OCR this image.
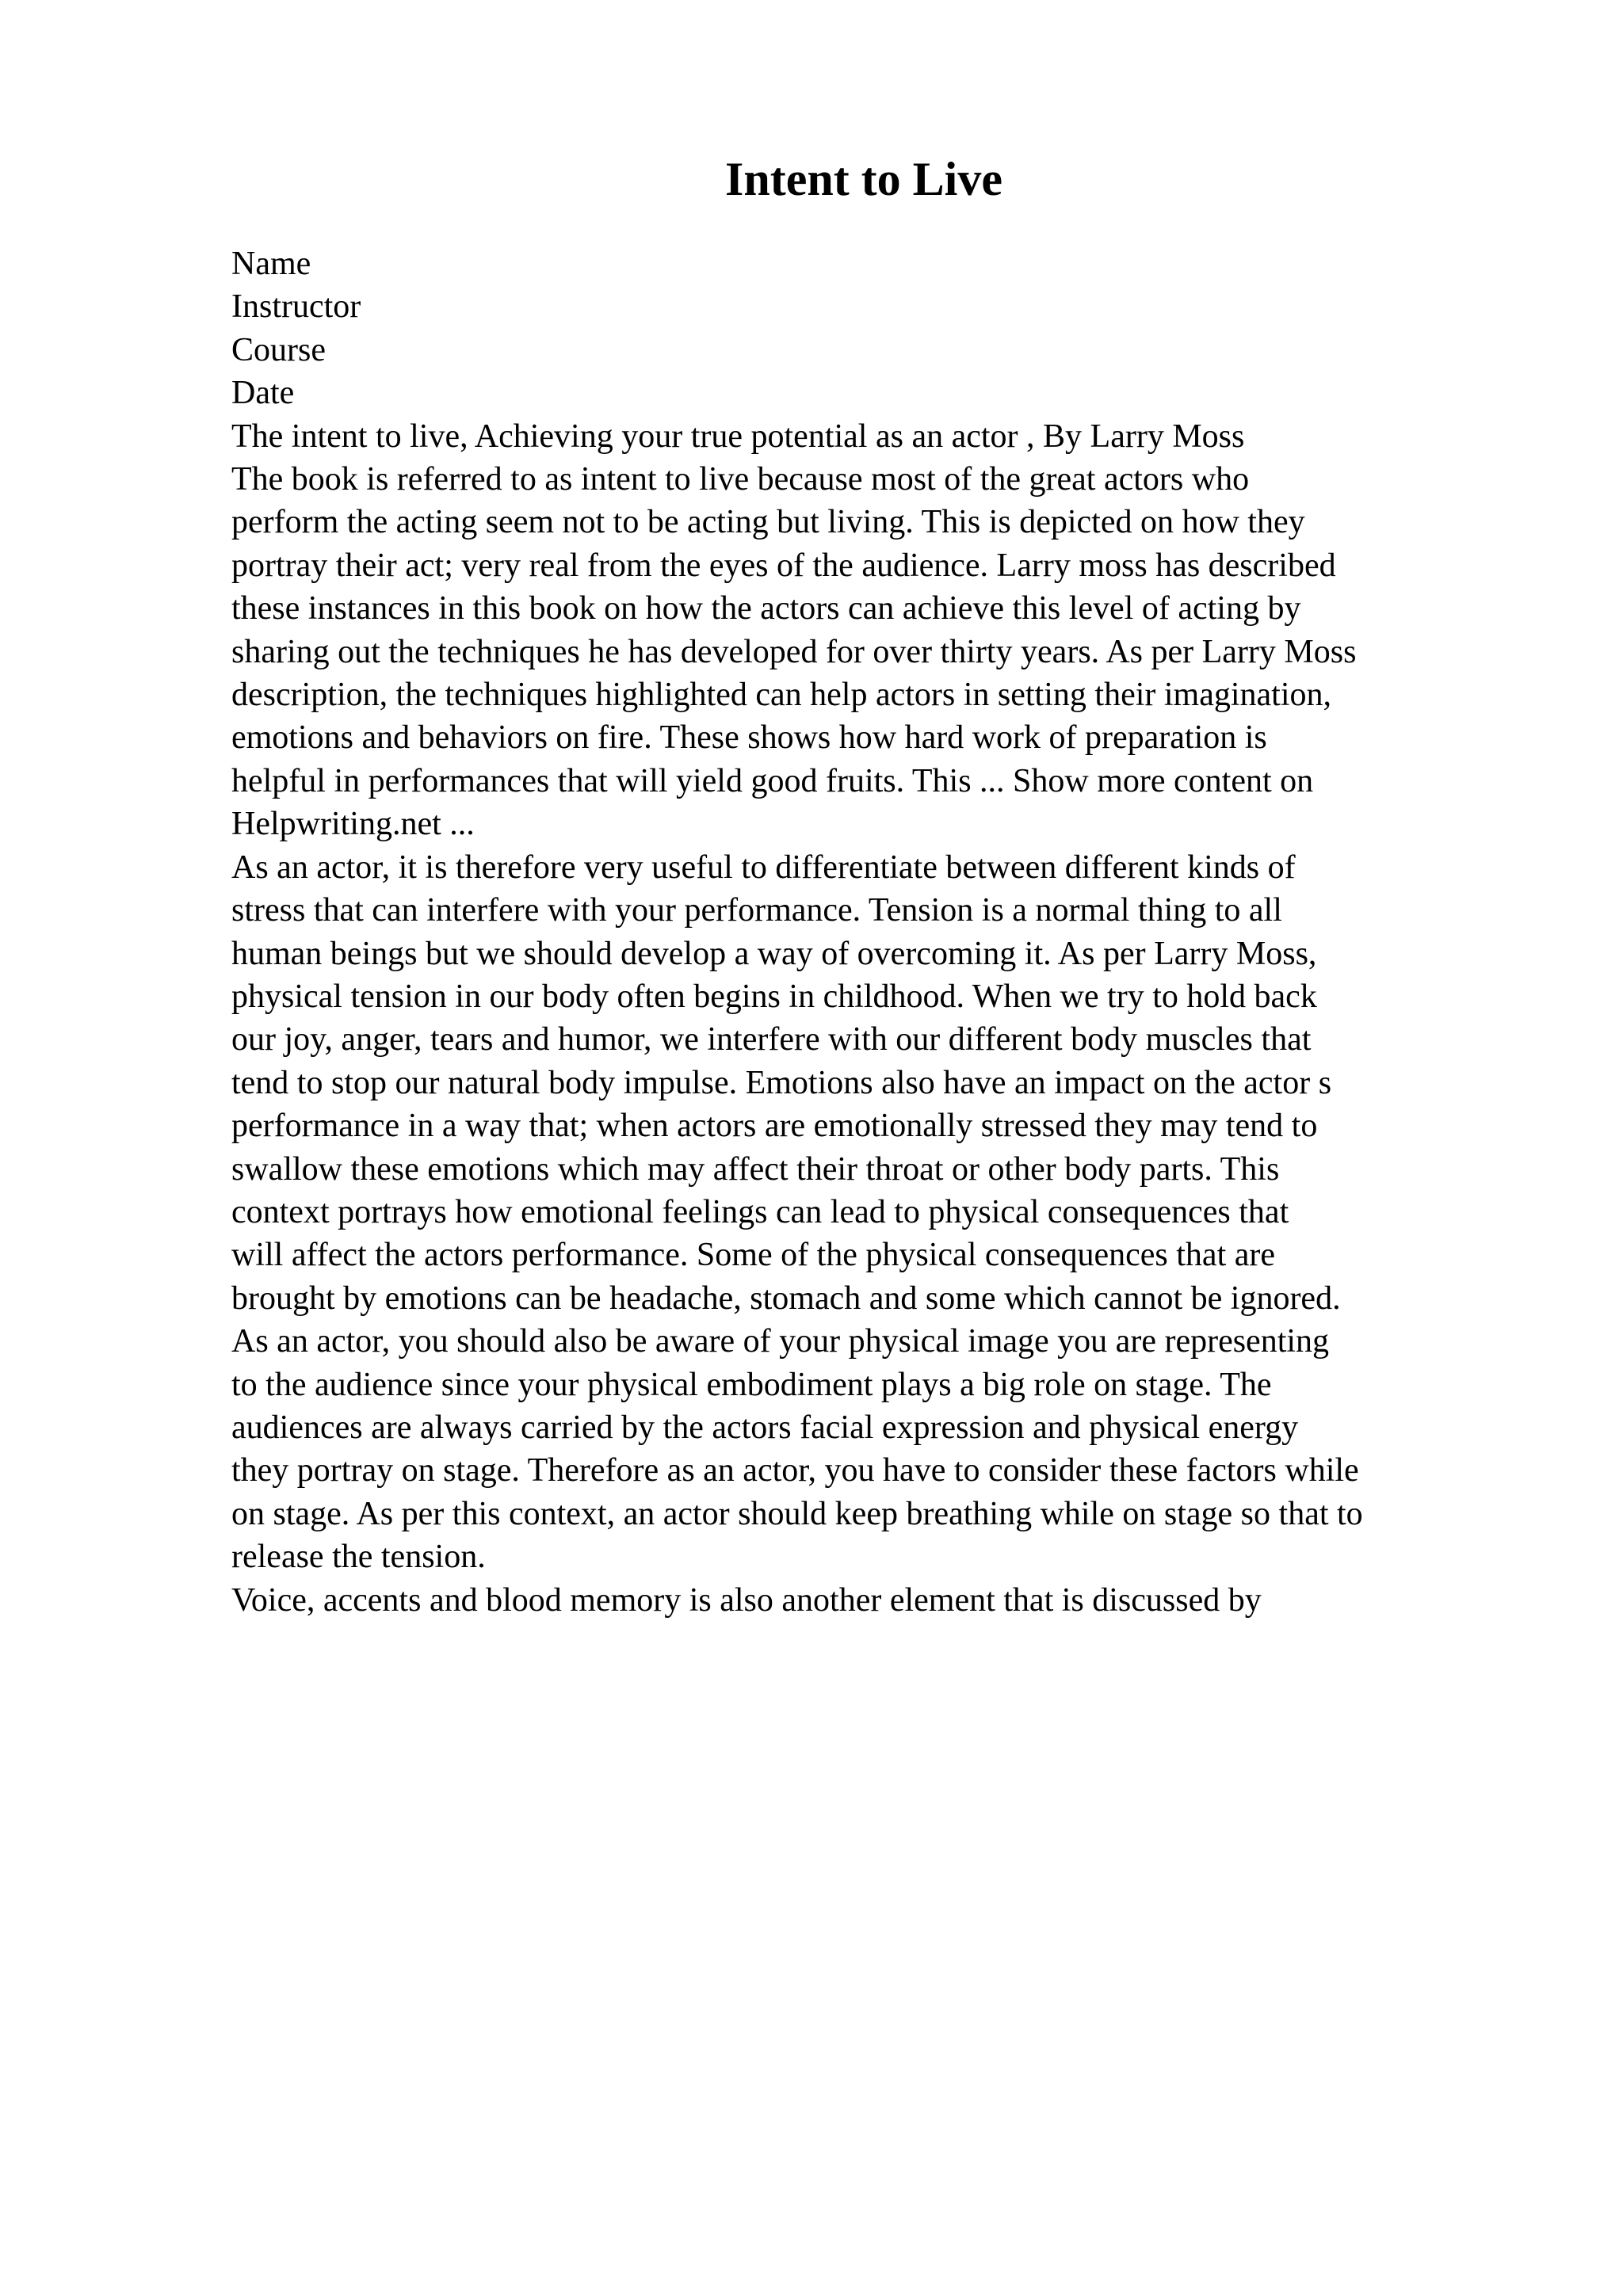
Intent to Live
Name
Instructor
Course
Date
The intent to live, Achieving your true potential as an actor , By Larry Moss
The book is referred to as intent to live because most of the great actors who
perform the acting seem not to be acting but living. This is depicted on how they
portray their act; very real from the eyes of the audience. Larry moss has described
these instances in this book on how the actors can achieve this level of acting by
sharing out the techniques he has developed for over thirty years. As per Larry Moss
description, the techniques highlighted can help actors in setting their imagination,
emotions and behaviors on fire. These shows how hard work of preparation is
helpful in performances that will yield good fruits. This ... Show more content on
Helpwriting.net ...
As an actor, it is therefore very useful to differentiate between different kinds of
stress that can interfere with your performance. Tension is a normal thing to all
human beings but we should develop a way of overcoming it. As per Larry Moss,
physical tension in our body often begins in childhood. When we try to hold back
our joy, anger, tears and humor, we interfere with our different body muscles that
tend to stop our natural body impulse. Emotions also have an impact on the actor s
performance in a way that; when actors are emotionally stressed they may tend to
swallow these emotions which may affect their throat or other body parts. This
context portrays how emotional feelings can lead to physical consequences that
will affect the actors performance. Some of the physical consequences that are
brought by emotions can be headache, stomach and some which cannot be ignored.
As an actor, you should also be aware of your physical image you are representing
to the audience since your physical embodiment plays a big role on stage. The
audiences are always carried by the actors facial expression and physical energy
they portray on stage. Therefore as an actor, you have to consider these factors while
on stage. As per this context, an actor should keep breathing while on stage so that to
release the tension.
Voice, accents and blood memory is also another element that is discussed by
